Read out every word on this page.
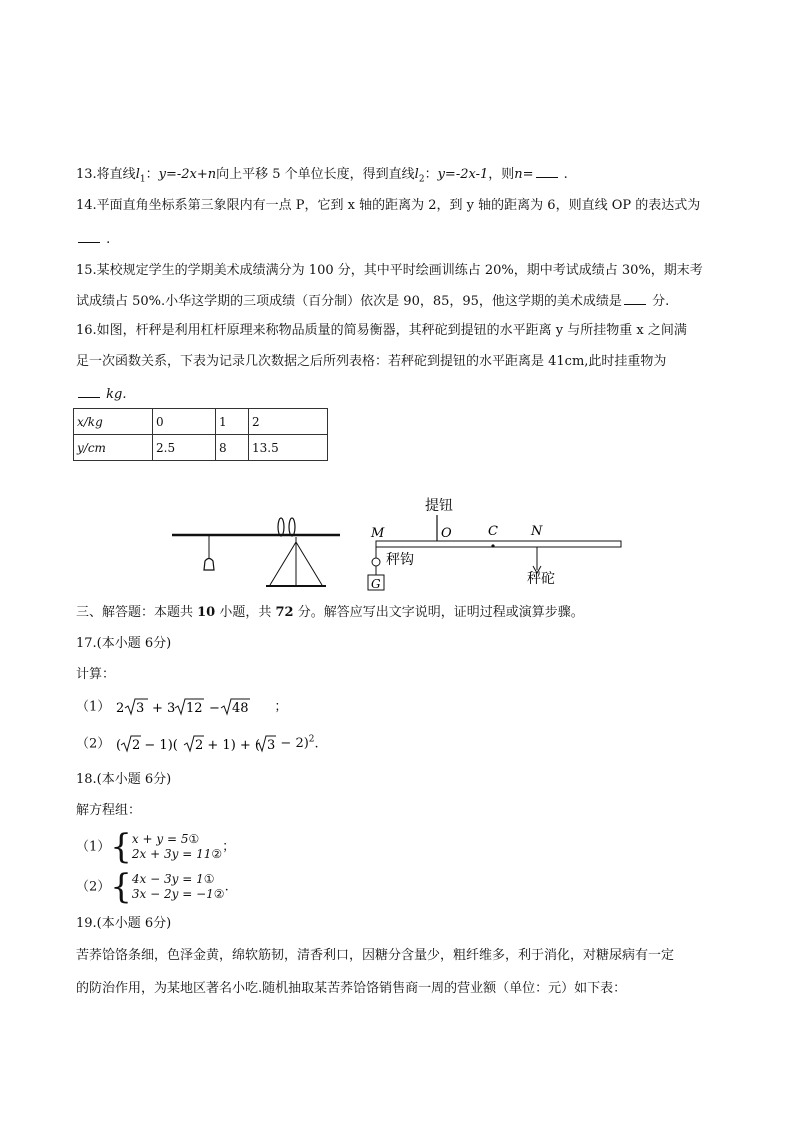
13.将直线$l_1$：y=-2x+n向上平移 5 个单位长度，得到直线$l_2$：y=-2x-1，则n= .
14.平面直角坐标系第三象限内有一点 P，它到 x 轴的距离为 2，到 y 轴的距离为 6，则直线 OP 的表达式为
.
15.某校规定学生的学期美术成绩满分为 100 分，其中平时绘画训练占 20%，期中考试成绩占 30%，期末考
试成绩占 50%.小华这学期的三项成绩（百分制）依次是 90，85，95，他这学期的美术成绩是 分.
16.如图，杆秤是利用杠杆原理来称物品质量的简易衡器，其秤砣到提钮的水平距离 y 与所挂物重 x 之间满
足一次函数关系，下表为记录几次数据之后所列表格：若秤砣到提钮的水平距离是 41cm,此时挂重物为
kg.
x/kg	0	1	2
y/cm	2.5	8	13.5
提钮
M	O	C	N
秤钩
G	秤砣
三、解答题：本题共 10 小题，共 72 分。解答应写出文字说明，证明过程或演算步骤。
17.(本小题 6分)
计算：
（1） 2 3 + 3 12 − 48 ；
（2） ( 2 − 1)( 2 + 1) + ( 3 − 2)$^2$.
18.(本小题 6分)
解方程组：
（1）{x + y = 5①
2x + 3y = 11②；
（2）{4x − 3y = 1①
3x − 2y = −1②.
19.(本小题 6分)
苦荞饸饹条细，色泽金黄，绵软筋韧，清香利口，因糖分含量少，粗纤维多，利于消化，对糖尿病有一定
的防治作用，为某地区著名小吃.随机抽取某苦荞饸饹销售商一周的营业额（单位：元）如下表：
